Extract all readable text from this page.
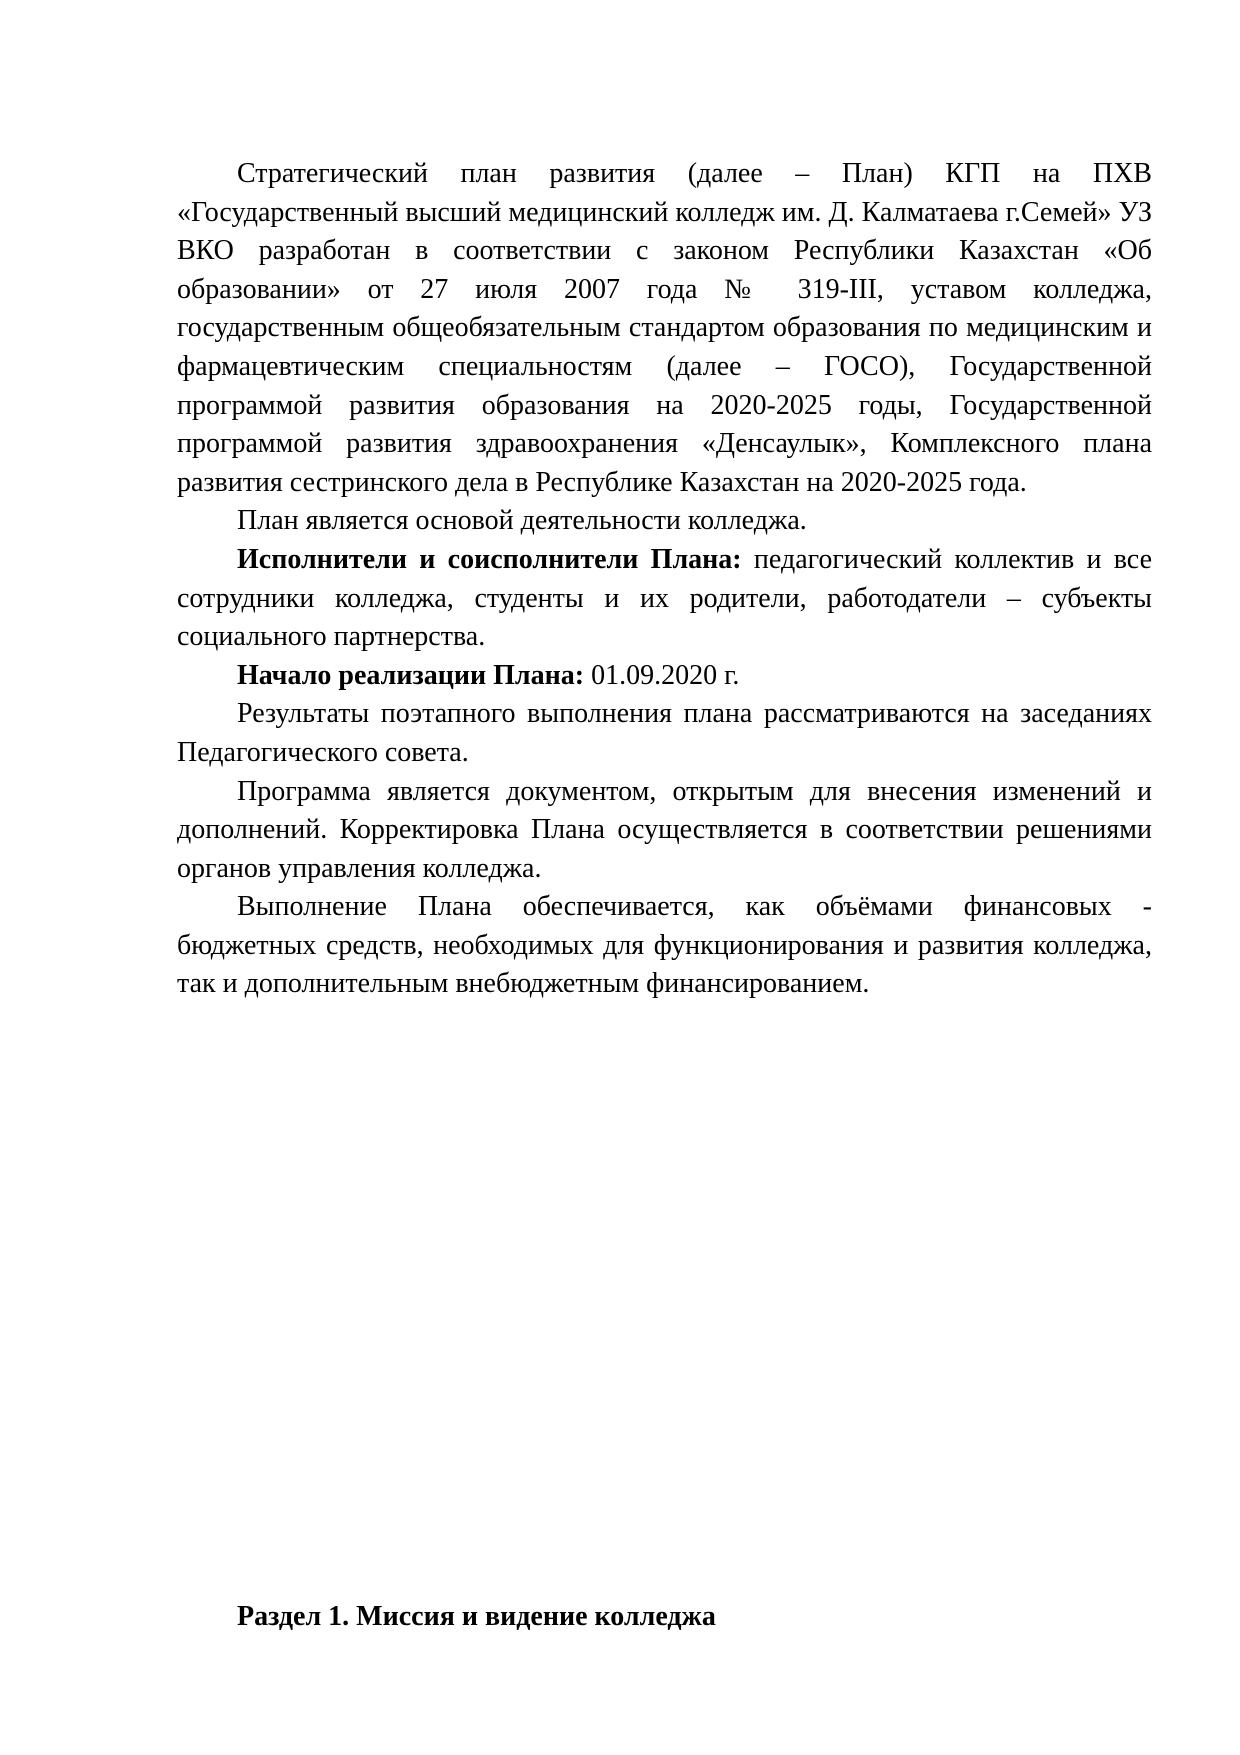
Стратегический план развития (далее – План) КГП на ПХВ «Государственный высший медицинский колледж им. Д. Калматаева г.Семей» УЗ ВКО разработан в соответствии с законом Республики Казахстан «Об образовании» от 27 июля 2007 года № 319-III, уставом колледжа, государственным общеобязательным стандартом образования по медицинским и фармацевтическим специальностям (далее – ГОСО), Государственной программой развития образования на 2020-2025 годы, Государственной программой развития здравоохранения «Денсаулык», Комплексного плана развития сестринского дела в Республике Казахстан на 2020-2025 года.

План является основой деятельности колледжа.

Исполнители и соисполнители Плана: педагогический коллектив и все сотрудники колледжа, студенты и их родители, работодатели – субъекты социального партнерства.

Начало реализации Плана: 01.09.2020 г.

Результаты поэтапного выполнения плана рассматриваются на заседаниях Педагогического совета.

Программа является документом, открытым для внесения изменений и дополнений. Корректировка Плана осуществляется в соответствии решениями органов управления колледжа.

Выполнение Плана обеспечивается, как объёмами финансовых - бюджетных средств, необходимых для функционирования и развития колледжа, так и дополнительным внебюджетным финансированием.

Раздел 1. Миссия и видение колледжа
